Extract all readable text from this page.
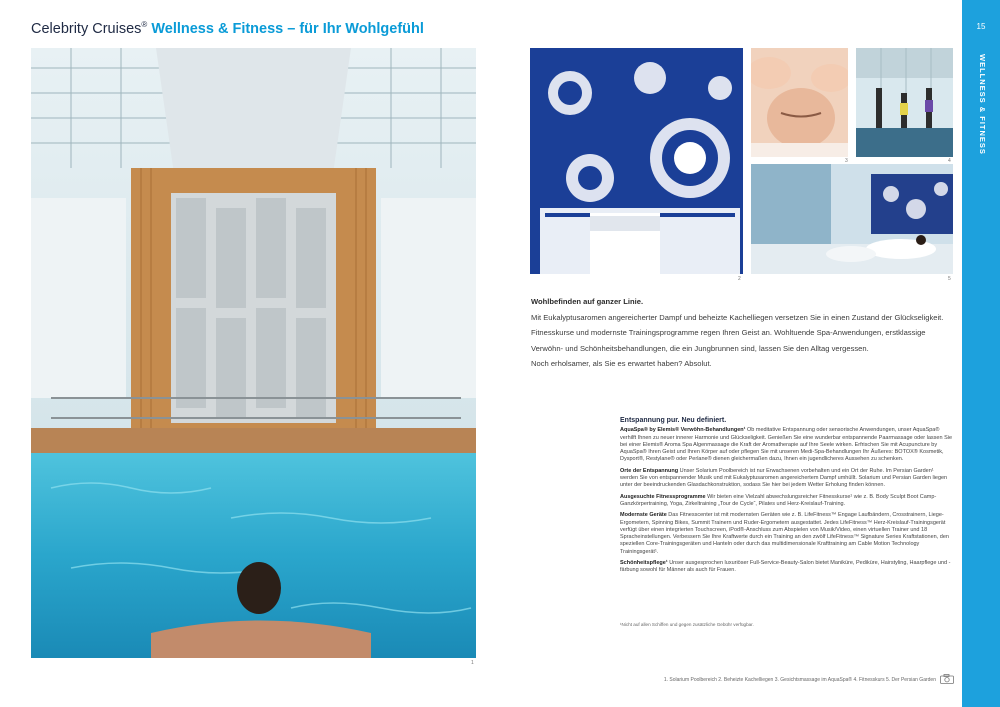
Celebrity Cruises® Wellness & Fitness – für Ihr Wohlgefühl
1
2
3	4
5
Wohlbefinden auf ganzer Linie.
Mit Eukalyptusaromen angereicherter Dampf und beheizte Kachelliegen versetzen Sie in einen Zustand der Glückseligkeit. Fitnesskurse und modernste Trainingsprogramme regen Ihren Geist an. Wohltuende Spa-Anwendungen, erstklassige Verwöhn- und Schönheitsbehandlungen, die ein Jungbrunnen sind, lassen Sie den Alltag vergessen.
Noch erholsamer, als Sie es erwartet haben? Absolut.
Entspannung pur. Neu definiert.

AquaSpa® by Elemis® Verwöhn-Behandlungen¹ Ob meditative Entspannung oder sensorische Anwendungen, unser AquaSpa® verhilft Ihnen zu neuer innerer Harmonie und Glückseligkeit. Genießen Sie eine wunderbar entspannende Paarmassage oder lassen Sie bei einer Elemis® Aroma Spa Algenmassage die Kraft der Aromatherapie auf Ihre Seele wirken. Erfrischen Sie mit Acupuncture by AquaSpa® Ihren Geist und Ihren Körper auf oder pflegen Sie mit unseren Medi-Spa-Behandlungen Ihr Äußeres: BOTOX® Kosmetik, Dysport®, Restylane® oder Perlane® dienen gleichermaßen dazu, Ihnen ein jugendlicheres Aussehen zu schenken.

Orte der Entspannung Unser Solarium Poolbereich ist nur Erwachsenen vorbehalten und ein Ort der Ruhe. Im Persian Garden¹ werden Sie von entspannender Musik und mit Eukalyptusaromen angereichertem Dampf umhüllt. Solarium und Persian Garden liegen unter der beeindruckenden Glasdachkonstruktion, sodass Sie hier bei jedem Wetter Erholung finden können.

Ausgesuchte Fitnessprogramme Wir bieten eine Vielzahl abwechslungsreicher Fitnesskurse¹ wie z. B. Body Sculpt Boot Camp-Ganzkörpertraining, Yoga, Zirkeltraining „Tour de Cycle“, Pilates und Herz-Kreislauf-Training.

Modernste Geräte Das Fitnesscenter ist mit modernsten Geräten wie z. B. LifeFitness™ Engage Laufbändern, Crosstrainern, Liege-Ergometern, Spinning Bikes, Summit Trainern und Ruder-Ergometern ausgestattet. Jedes LifeFitness™ Herz-Kreislauf-Trainingsgerät verfügt über einen integrierten Touchscreen, iPod®-Anschluss zum Abspielen von Musik/Video, einen virtuellen Trainer und 18 Spracheinstellungen. Verbessern Sie Ihre Kraftwerte durch ein Training an den zwölf LifeFitness™ Signature Series Kraftstationen, den speziellen Core-Trainingsgeräten und Hanteln oder durch das multidimensionale Krafttraining am Cable Motion Technology Trainingsgerät¹.

Schönheitspflege¹ Unser ausgesprochen luxuriöser Full-Service-Beauty-Salon bietet Maniküre, Pediküre, Hairstyling, Haarpflege und -färbung sowohl für Männer als auch für Frauen.

¹Nicht auf allen Schiffen und gegen zusätzliche Gebühr verfügbar.
1. Solarium Poolbereich 2. Beheizte Kachelliegen 3. Gesichtsmassage im AquaSpa® 4. Fitnesskurs 5. Der Persian Garden
15
WELLNESS & FITNESS
